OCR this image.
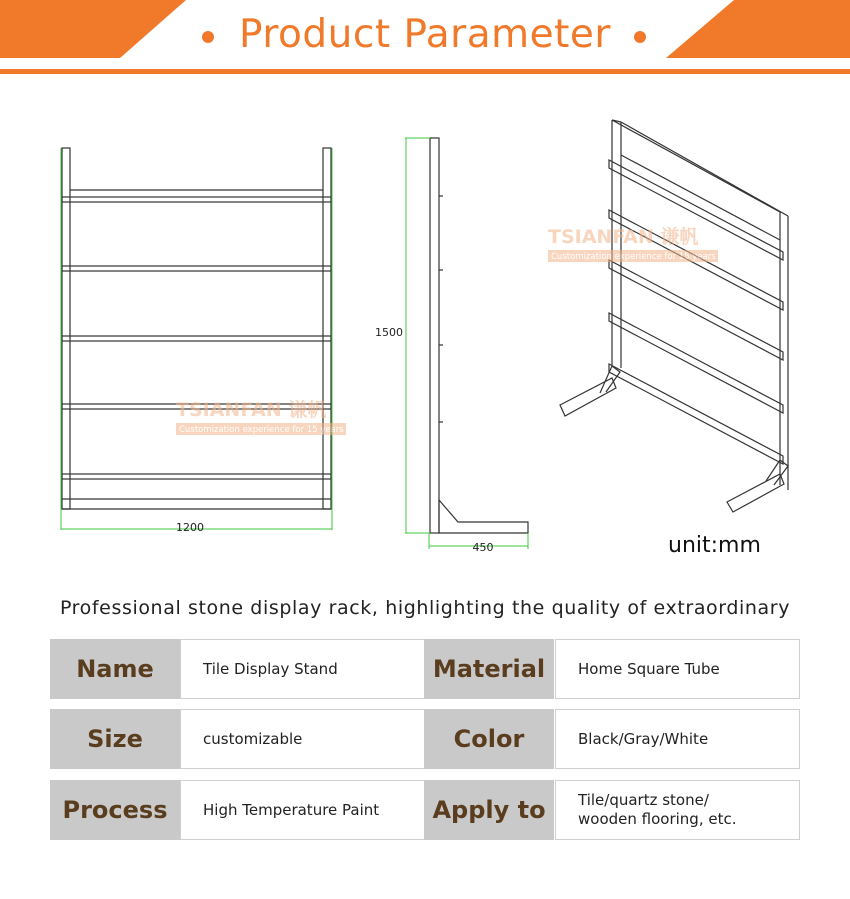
Product Parameter
1200
1500
450
TSIANFAN 谦帆
Customization experience for 15 years
TSIANFAN 谦帆
Customization experience for 15 years
unit:mm
Professional stone display rack, highlighting the quality of extraordinary
Name	Tile Display Stand	Material	Home Square Tube
Size	customizable	Color	Black/Gray/White
Process	High Temperature Paint	Apply to	Tile/quartz stone/
wooden flooring, etc.
